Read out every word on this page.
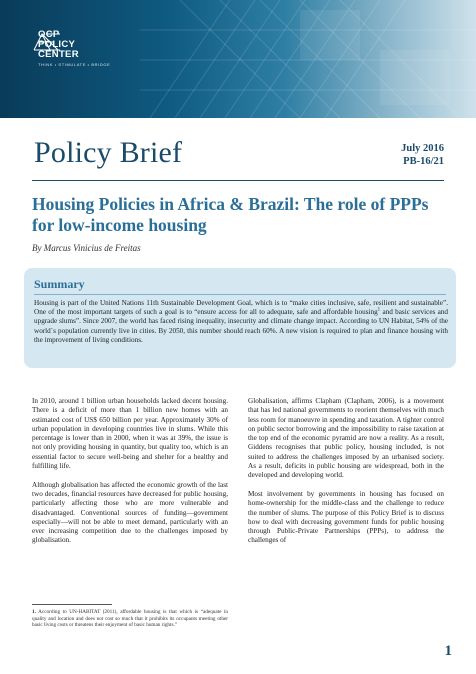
OCP
POLICY
CENTER
THINK • STIMULATE • BRIDGE
Policy Brief	July 2016
PB-16/21
Housing Policies in Africa & Brazil: The role of PPPs for low-income housing
By Marcus Vinicius de Freitas
Summary

Housing is part of the United Nations 11th Sustainable Development Goal, which is to “make cities inclusive, safe, resilient and sustainable”. One of the most important targets of such a goal is to “ensure access for all to adequate, safe and affordable housing$^1$ and basic services and upgrade slums”. Since 2007, the world has faced rising inequality, insecurity and climate change impact. According to UN Habitat, 54% of the world´s population currently live in cities. By 2050, this number should reach 60%. A new vision is required to plan and finance housing with the improvement of living conditions.

In 2010, around 1 billion urban households lacked decent housing. There is a deficit of more than 1 billion new homes with an estimated cost of US$ 650 billion per year. Approximately 30% of urban population in developing countries live in slums. While this percentage is lower than in 2000, when it was at 39%, the issue is not only providing housing in quantity, but quality too, which is an essential factor to secure well-being and shelter for a healthy and fulfilling life.

Although globalisation has affected the economic growth of the last two decades, financial resources have decreased for public housing, particularly affecting those who are more vulnerable and disadvantaged. Conventional sources of funding—government especially—will not be able to meet demand, particularly with an ever increasing competition due to the challenges imposed by globalisation.

Globalisation, affirms Clapham (Clapham, 2006), is a movement that has led national governments to reorient themselves with much less room for manoeuvre in spending and taxation. A tighter control on public sector borrowing and the impossibility to raise taxation at the top end of the economic pyramid are now a reality. As a result, Giddens recognises that public policy, housing included, is not suited to address the challenges imposed by an urbanised society. As a result, deficits in public housing are widespread, both in the developed and developing world.

Most involvement by governments in housing has focused on home-ownership for the middle-class and the challenge to reduce the number of slums. The purpose of this Policy Brief is to discuss how to deal with decreasing government funds for public housing through Public-Private Partnerships (PPPs), to address the challenges of

1. According to UN-HABITAT (2011), affordable housing is that which is “adequate in quality and location and does not cost so much that it prohibits its occupants meeting other basic living costs or threatens their enjoyment of basic human rights.”

1
